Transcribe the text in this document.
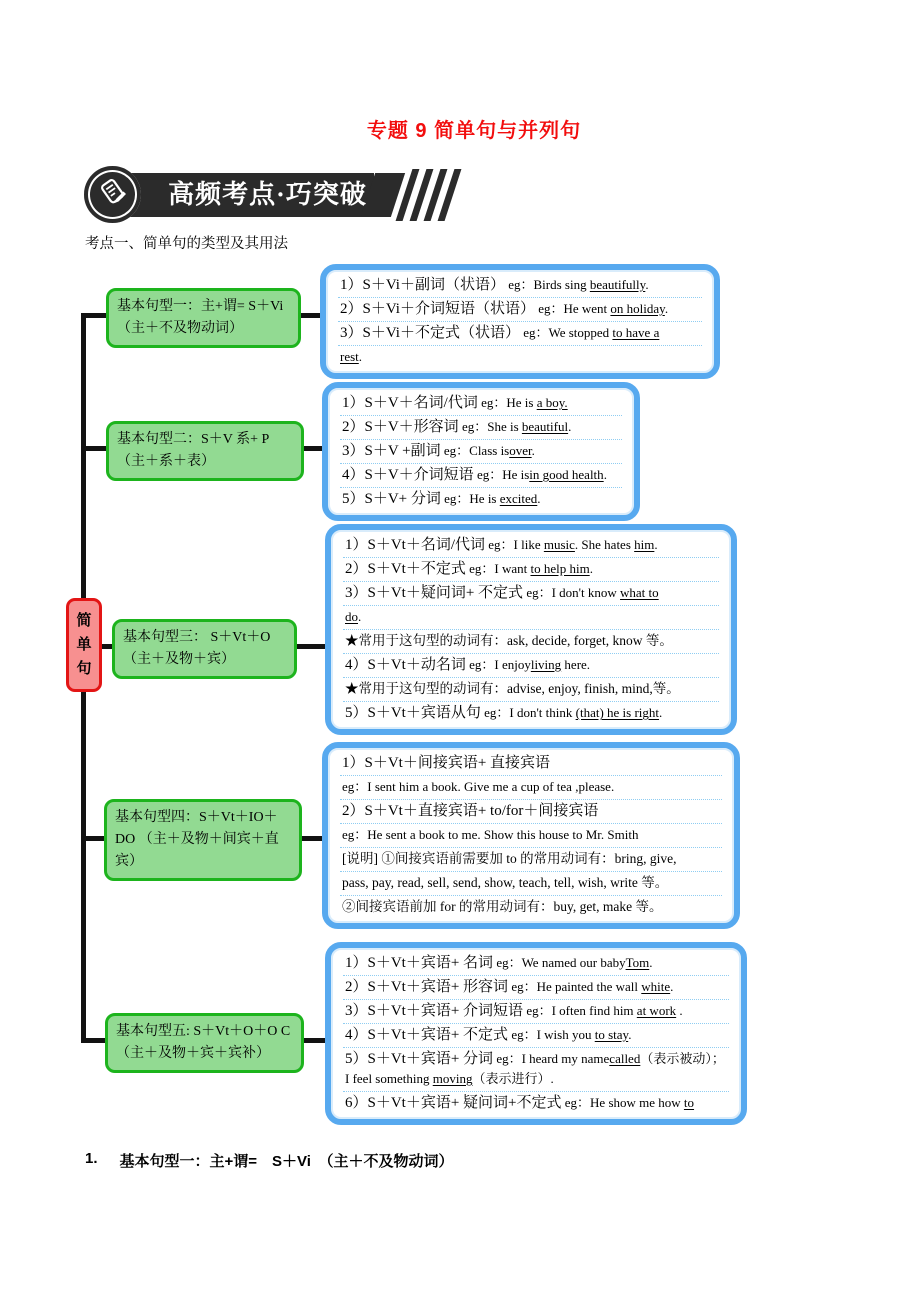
专题 9 简单句与并列句
高频考点·巧突破
考点一、简单句的类型及其用法
简
单
句
基本句型一：主+谓= S＋Vi （主＋不及物动词）
基本句型二：S＋V 系+ P （主＋系＋表）
基本句型三： S＋Vt＋O （主＋及物＋宾）
基本句型四：S＋Vt＋IO＋DO （主＋及物＋间宾＋直宾）
基本句型五: S＋Vt＋O＋O C （主＋及物＋宾＋宾补）
1）S＋Vi＋副词（状语） eg：Birds sing beautifully.
2）S＋Vi＋介词短语（状语） eg：He went on holiday.
3）S＋Vi＋不定式（状语） eg：We stopped to have a
rest.
1）S＋V＋名词/代词 eg：He is a boy.
2）S＋V＋形容词 eg：She is beautiful.
3）S＋V +副词 eg：Class isover.
4）S＋V＋介词短语 eg：He isin good health.
5）S＋V+ 分词 eg：He is excited.
1）S＋Vt＋名词/代词 eg：I like music. She hates him.
2）S＋Vt＋不定式 eg：I want to help him.
3）S＋Vt＋疑问词+ 不定式 eg：I don't know what to
do.
★常用于这句型的动词有：ask, decide, forget, know 等。
4）S＋Vt＋动名词 eg：I enjoyliving here.
★常用于这句型的动词有：advise, enjoy, finish, mind,等。
5）S＋Vt＋宾语从句 eg：I don't think (that) he is right.
1）S＋Vt＋间接宾语+ 直接宾语
eg：I sent him a book. Give me a cup of tea ,please.
2）S＋Vt＋直接宾语+ to/for＋间接宾语
eg：He sent a book to me. Show this house to Mr. Smith
[说明] ①间接宾语前需要加 to 的常用动词有：bring, give,
pass, pay, read, sell, send, show, teach, tell, wish, write 等。
②间接宾语前加 for 的常用动词有：buy, get, make 等。
1）S＋Vt＋宾语+ 名词 eg：We named our babyTom.
2）S＋Vt＋宾语+ 形容词 eg：He painted the wall white.
3）S＋Vt＋宾语+ 介词短语 eg：I often find him at work .
4）S＋Vt＋宾语+ 不定式 eg：I wish you to stay.
5）S＋Vt＋宾语+ 分词 eg：I heard my namecalled（表示被动）；I feel something moving（表示进行）.
6）S＋Vt＋宾语+ 疑问词+不定式 eg：He show me how to
1. 基本句型一：主+谓=　S＋Vi　（主＋不及物动词）
